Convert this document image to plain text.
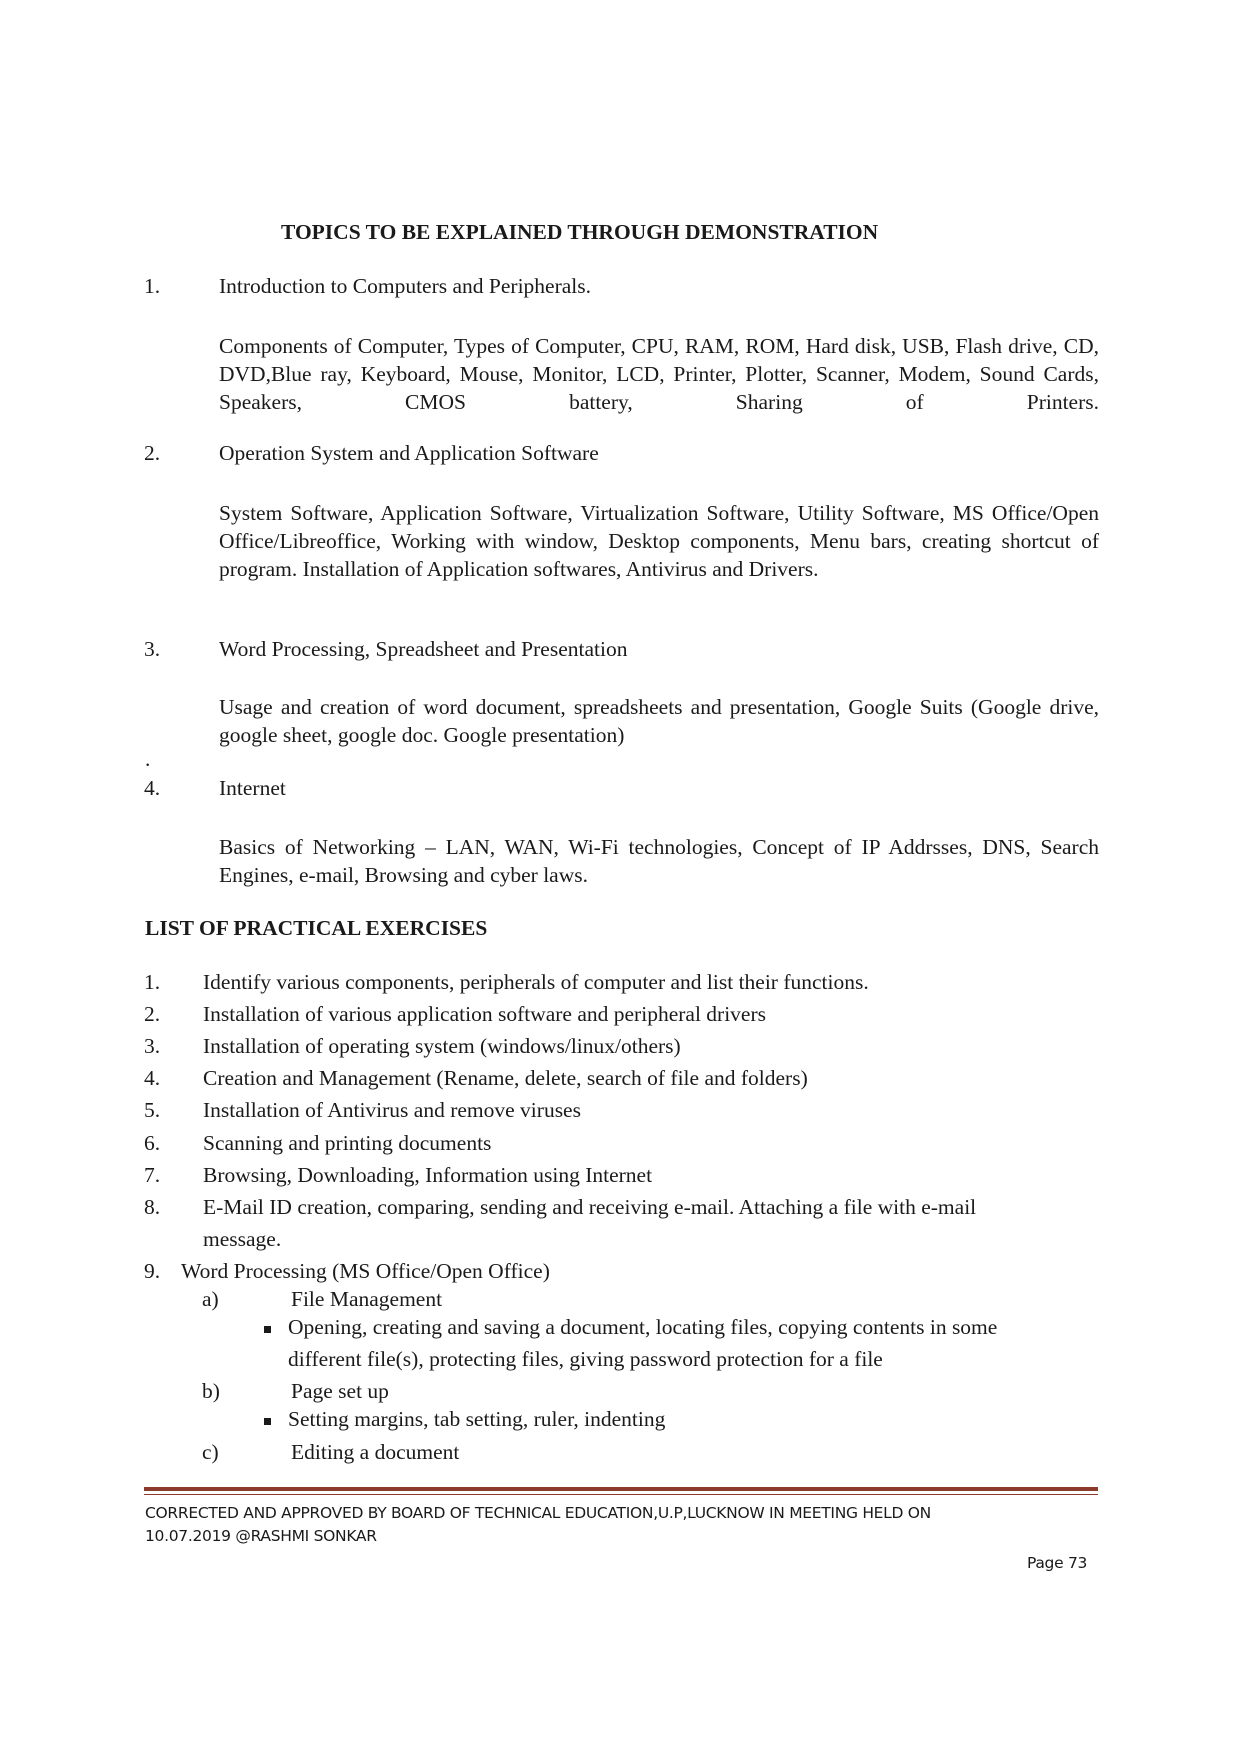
TOPICS TO BE EXPLAINED THROUGH DEMONSTRATION
1.	Introduction to Computers and Peripherals.
Components of Computer, Types of Computer, CPU, RAM, ROM, Hard disk, USB, Flash drive, CD, DVD,Blue ray, Keyboard, Mouse, Monitor, LCD, Printer, Plotter, Scanner, Modem, Sound Cards, Speakers, CMOS battery, Sharing of Printers.
2.	Operation System and Application Software
System Software, Application Software, Virtualization Software, Utility Software, MS Office/Open Office/Libreoffice, Working with window, Desktop components, Menu bars, creating shortcut of program. Installation of Application softwares, Antivirus and Drivers.
3.	Word Processing, Spreadsheet and Presentation
Usage and creation of word document, spreadsheets and presentation, Google Suits (Google drive, google sheet, google doc. Google presentation)
.
4.	Internet
Basics of Networking – LAN, WAN, Wi-Fi technologies, Concept of IP Addrsses, DNS, Search Engines, e-mail, Browsing and cyber laws.
LIST OF PRACTICAL EXERCISES
1. Identify various components, peripherals of computer and list their functions.
2. Installation of various application software and peripheral drivers
3. Installation of operating system (windows/linux/others)
4. Creation and Management (Rename, delete, search of file and folders)
5. Installation of Antivirus and remove viruses
6. Scanning and printing documents
7. Browsing, Downloading, Information using Internet
8. E-Mail ID creation, comparing, sending and receiving e-mail. Attaching a file with e-mail
message.
9. Word Processing (MS Office/Open Office)
a)	File Management
Opening, creating and saving a document, locating files, copying contents in some
different file(s), protecting files, giving password protection for a file
b)	Page set up
Setting margins, tab setting, ruler, indenting
c)	Editing a document
CORRECTED AND APPROVED BY BOARD OF TECHNICAL EDUCATION,U.P,LUCKNOW IN MEETING HELD ON
10.07.2019 @RASHMI SONKAR
Page 73
